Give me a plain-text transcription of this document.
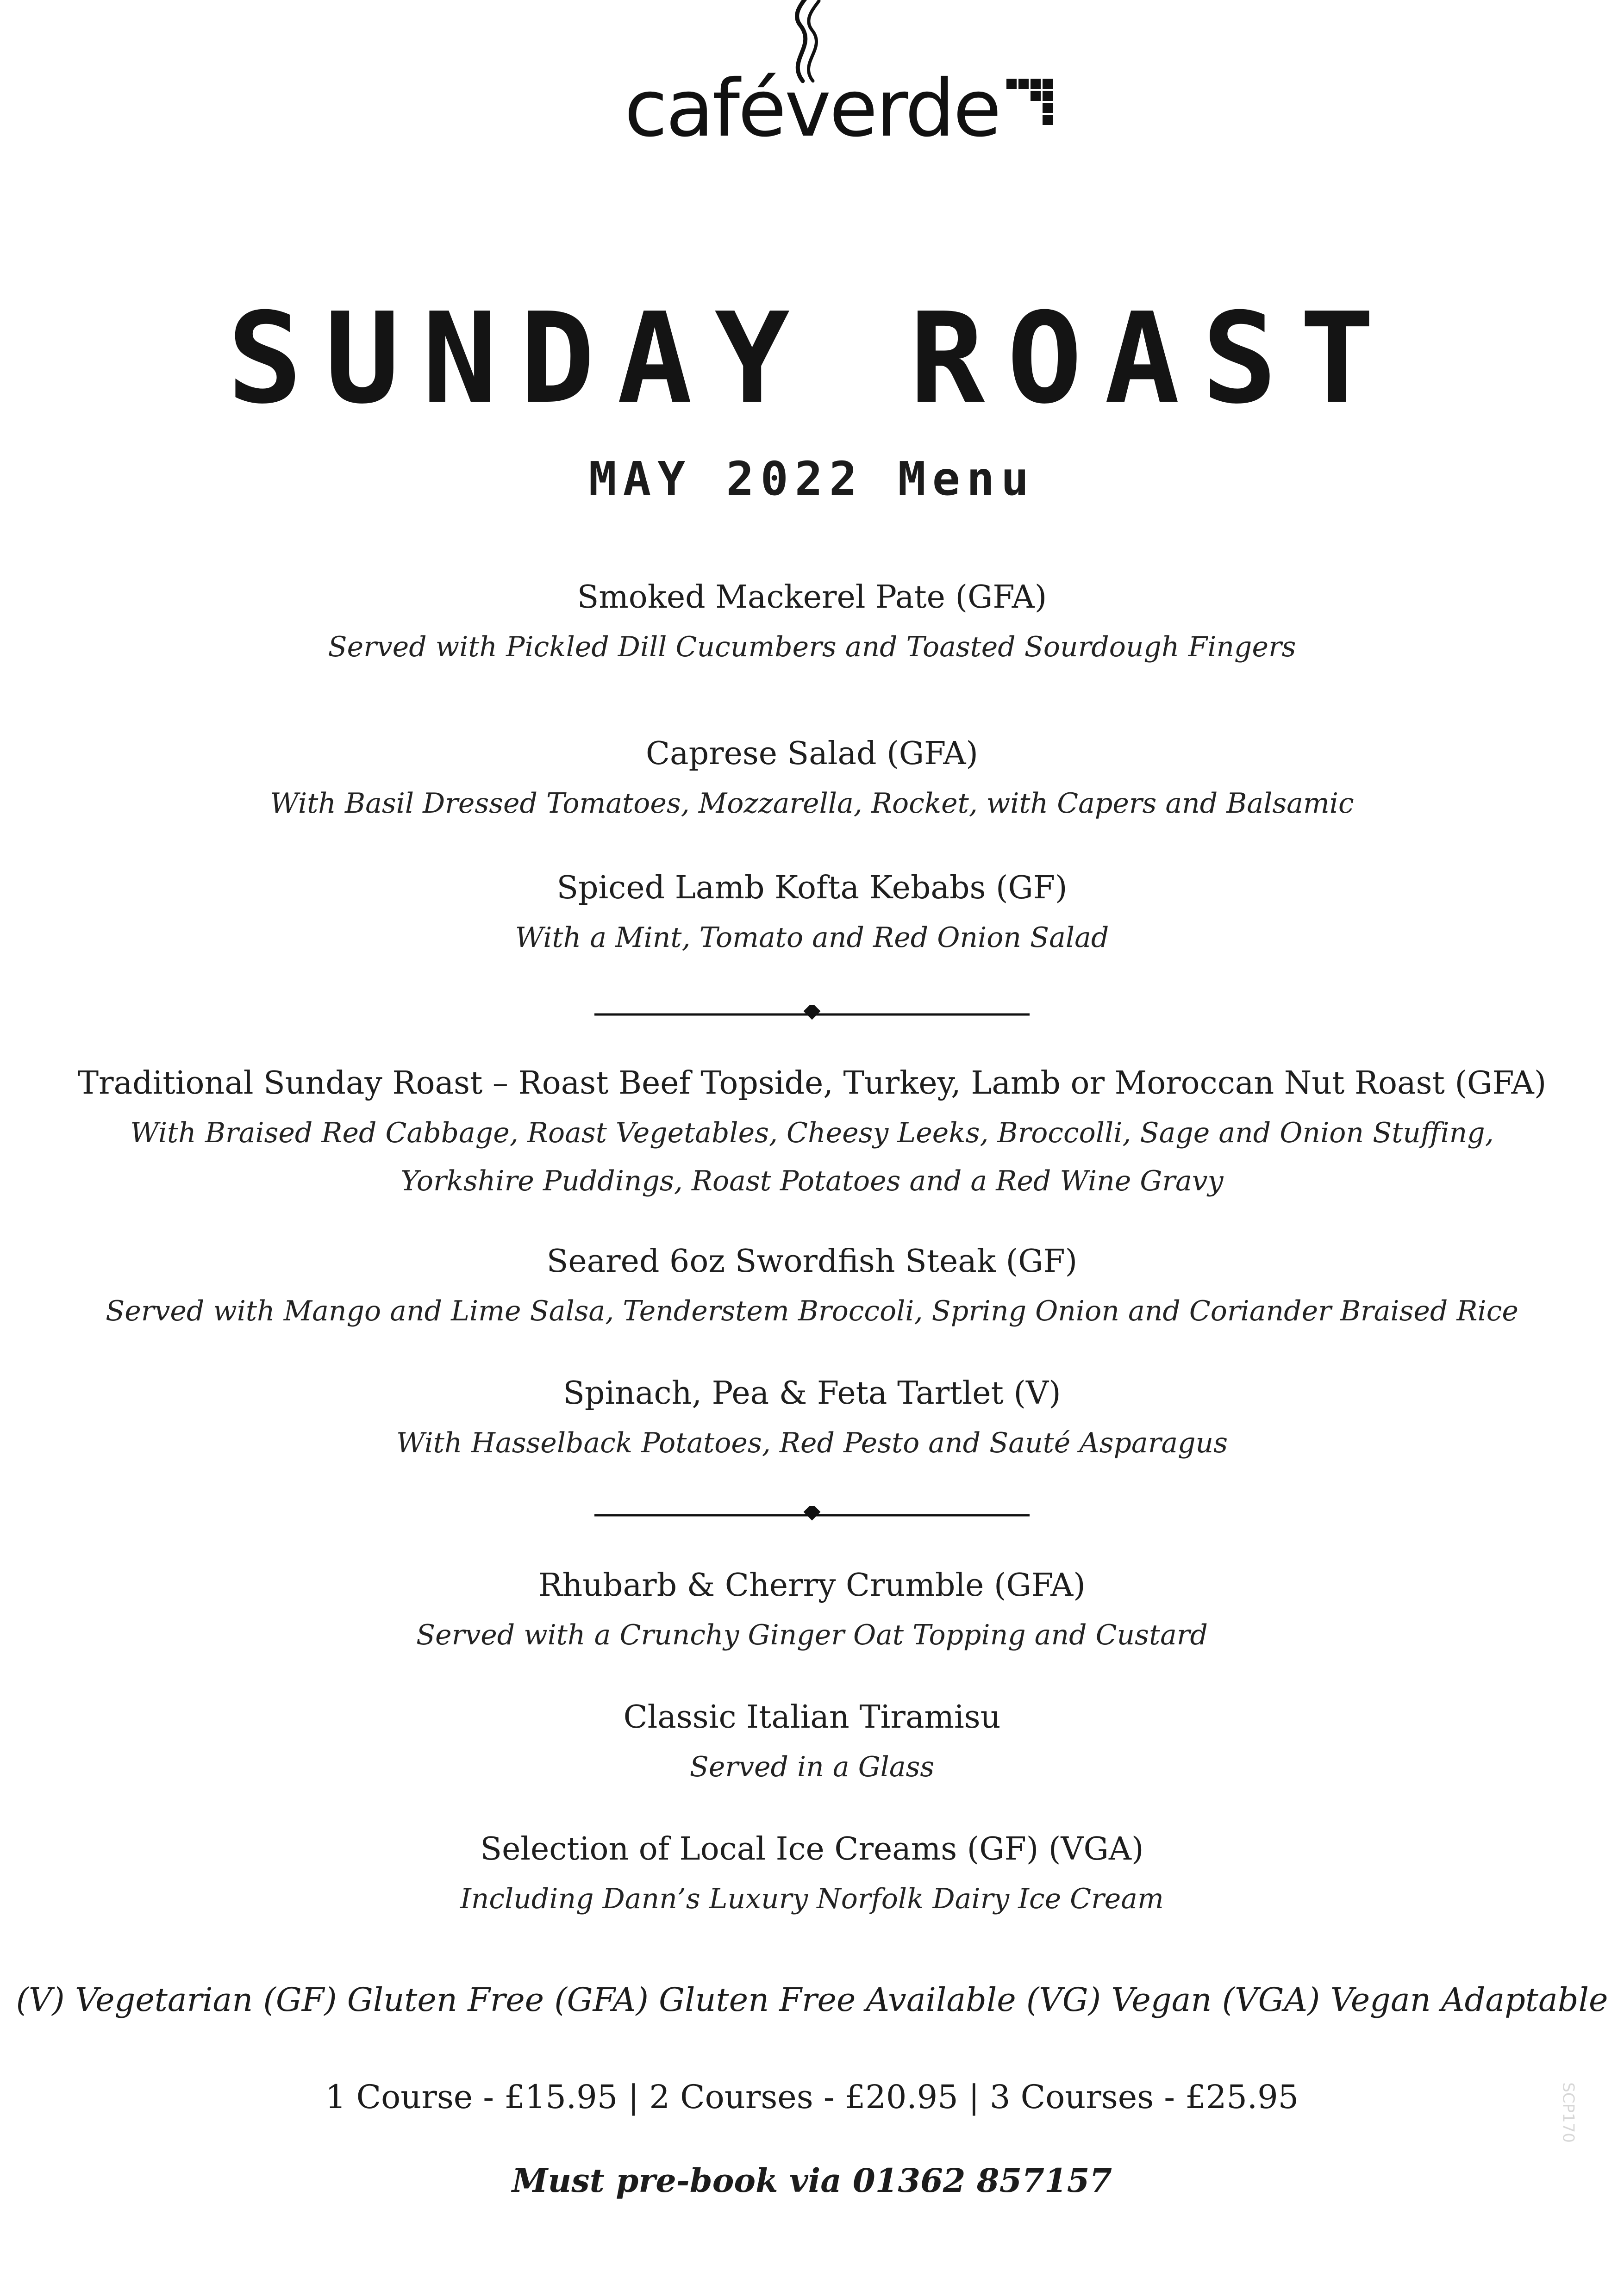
caféverde
SUNDAY ROAST
MAY 2022 Menu
Smoked Mackerel Pate (GFA)
Served with Pickled Dill Cucumbers and Toasted Sourdough Fingers
Caprese Salad (GFA)
With Basil Dressed Tomatoes, Mozzarella, Rocket, with Capers and Balsamic
Spiced Lamb Kofta Kebabs (GF)
With a Mint, Tomato and Red Onion Salad
Traditional Sunday Roast – Roast Beef Topside, Turkey, Lamb or Moroccan Nut Roast (GFA)
With Braised Red Cabbage, Roast Vegetables, Cheesy Leeks, Broccolli, Sage and Onion Stuffing,
Yorkshire Puddings, Roast Potatoes and a Red Wine Gravy
Seared 6oz Swordfish Steak (GF)
Served with Mango and Lime Salsa, Tenderstem Broccoli, Spring Onion and Coriander Braised Rice
Spinach, Pea & Feta Tartlet (V)
With Hasselback Potatoes, Red Pesto and Sauté Asparagus
Rhubarb & Cherry Crumble (GFA)
Served with a Crunchy Ginger Oat Topping and Custard
Classic Italian Tiramisu
Served in a Glass
Selection of Local Ice Creams (GF) (VGA)
Including Dann’s Luxury Norfolk Dairy Ice Cream
(V) Vegetarian (GF) Gluten Free (GFA) Gluten Free Available (VG) Vegan (VGA) Vegan Adaptable
1 Course - £15.95 | 2 Courses - £20.95 | 3 Courses - £25.95
Must pre-book via 01362 857157
SCP170
